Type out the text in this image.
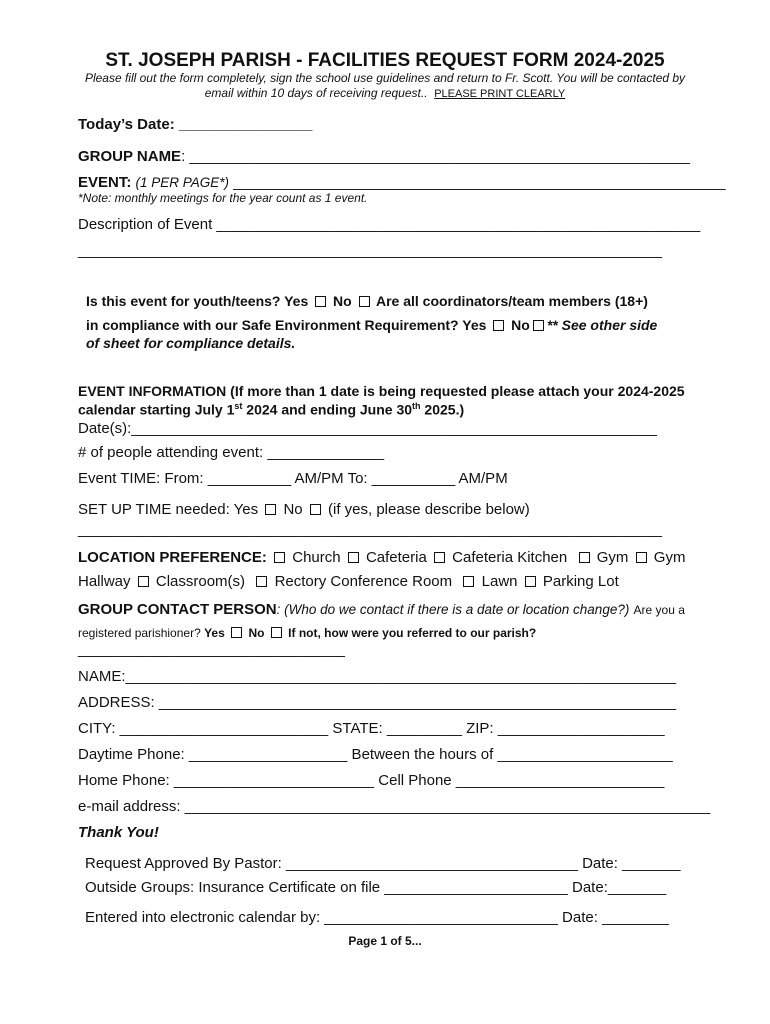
ST. JOSEPH PARISH - FACILITIES REQUEST FORM 2024-2025
Please fill out the form completely, sign the school use guidelines and return to Fr. Scott. You will be contacted by
email within 10 days of receiving request.. PLEASE PRINT CLEARLY
Today’s Date: ________________
GROUP NAME: ____________________________________________________________
EVENT: (1 PER PAGE*) ___________________________________________________________
*Note: monthly meetings for the year count as 1 event.
Description of Event __________________________________________________________
______________________________________________________________________
Is this event for youth/teens? Yes No Are all coordinators/team members (18+)
in compliance with our Safe Environment Requirement? Yes No ** See other side
of sheet for compliance details.
EVENT INFORMATION (If more than 1 date is being requested please attach your 2024-2025
calendar starting July 1st 2024 and ending June 30th 2025.)
Date(s):_______________________________________________________________
# of people attending event: ______________
Event TIME: From: __________ AM/PM To: __________ AM/PM
SET UP TIME needed: Yes No (if yes, please describe below)
______________________________________________________________________
LOCATION PREFERENCE: Church Cafeteria Cafeteria Kitchen Gym Gym
Hallway Classroom(s) Rectory Conference Room Lawn Parking Lot
GROUP CONTACT PERSON: (Who do we contact if there is a date or location change?) Are you a
registered parishioner? Yes No If not, how were you referred to our parish?
________________________________
NAME:__________________________________________________________________
ADDRESS: ______________________________________________________________
CITY: _________________________ STATE: _________ ZIP: ____________________
Daytime Phone: ___________________ Between the hours of _____________________
Home Phone: ________________________ Cell Phone _________________________
e-mail address: _______________________________________________________________
Thank You!
Request Approved By Pastor: ___________________________________ Date: _______
Outside Groups: Insurance Certificate on file ______________________ Date:_______
Entered into electronic calendar by: ____________________________ Date: ________
Page 1 of 5...
